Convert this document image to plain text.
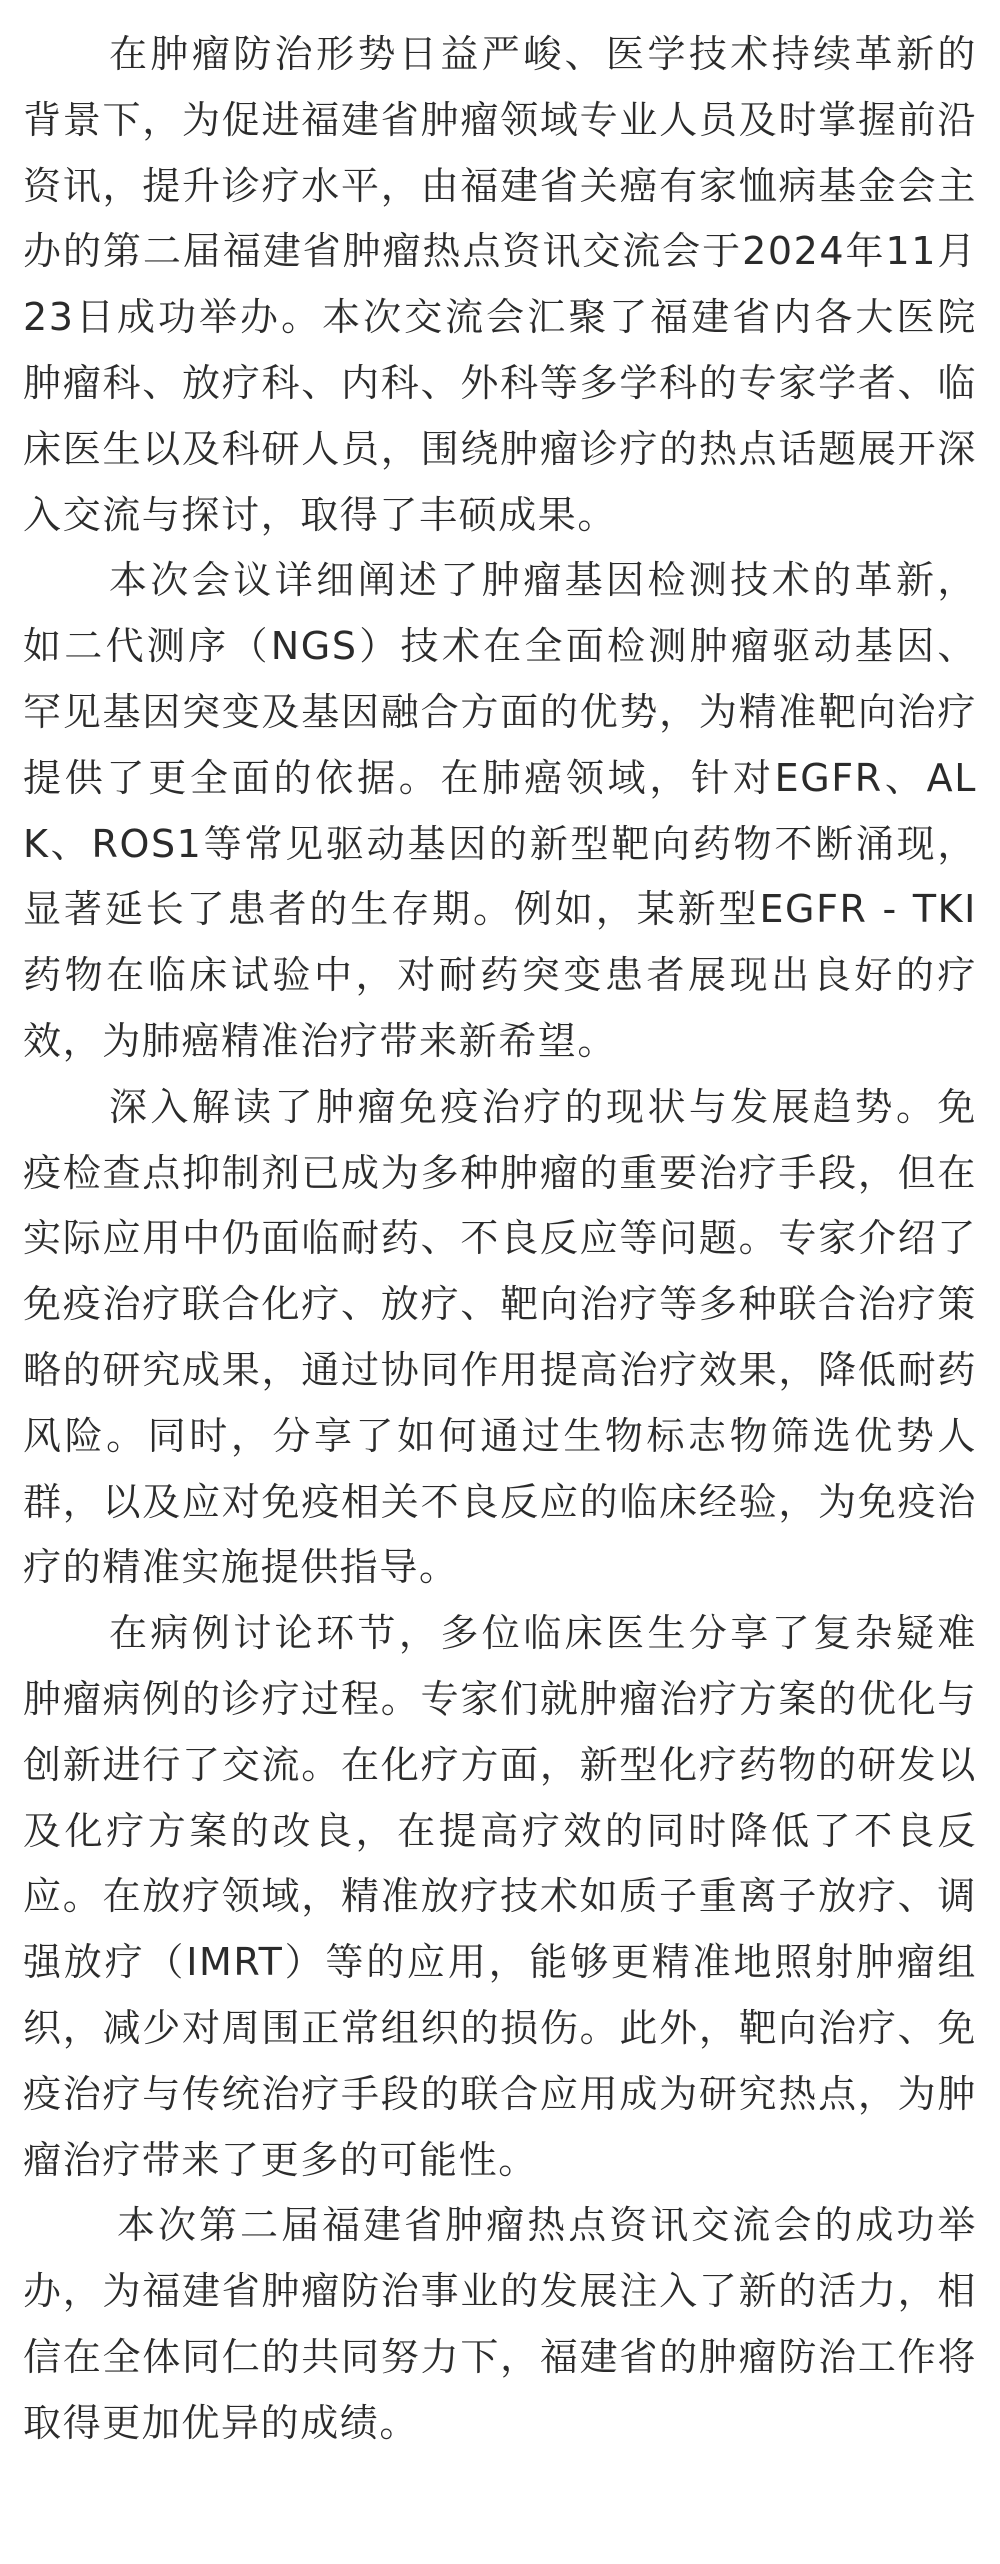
在肿瘤防治形势日益严峻、医学技术持续革新的背景下，为促进福建省肿瘤领域专业人员及时掌握前沿资讯，提升诊疗水平，由福建省关癌有家恤病基金会主办的第二届福建省肿瘤热点资讯交流会于2024年11月23日成功举办。本次交流会汇聚了福建省内各大医院肿瘤科、放疗科、内科、外科等多学科的专家学者、临床医生以及科研人员，围绕肿瘤诊疗的热点话题展开深入交流与探讨，取得了丰硕成果。

本次会议详细阐述了肿瘤基因检测技术的革新，如二代测序（NGS）技术在全面检测肿瘤驱动基因、罕见基因突变及基因融合方面的优势，为精准靶向治疗提供了更全面的依据。在肺癌领域，针对EGFR、ALK、ROS1等常见驱动基因的新型靶向药物不断涌现，显著延长了患者的生存期。例如，某新型EGFR - TKI药物在临床试验中，对耐药突变患者展现出良好的疗效，为肺癌精准治疗带来新希望。

深入解读了肿瘤免疫治疗的现状与发展趋势。免疫检查点抑制剂已成为多种肿瘤的重要治疗手段，但在实际应用中仍面临耐药、不良反应等问题。专家介绍了免疫治疗联合化疗、放疗、靶向治疗等多种联合治疗策略的研究成果，通过协同作用提高治疗效果，降低耐药风险。同时，分享了如何通过生物标志物筛选优势人群，以及应对免疫相关不良反应的临床经验，为免疫治疗的精准实施提供指导。

在病例讨论环节，多位临床医生分享了复杂疑难肿瘤病例的诊疗过程。专家们就肿瘤治疗方案的优化与创新进行了交流。在化疗方面，新型化疗药物的研发以及化疗方案的改良，在提高疗效的同时降低了不良反应。在放疗领域，精准放疗技术如质子重离子放疗、调强放疗（IMRT）等的应用，能够更精准地照射肿瘤组织，减少对周围正常组织的损伤。此外，靶向治疗、免疫治疗与传统治疗手段的联合应用成为研究热点，为肿瘤治疗带来了更多的可能性。

本次第二届福建省肿瘤热点资讯交流会的成功举办，为福建省肿瘤防治事业的发展注入了新的活力，相信在全体同仁的共同努力下，福建省的肿瘤防治工作将取得更加优异的成绩。
